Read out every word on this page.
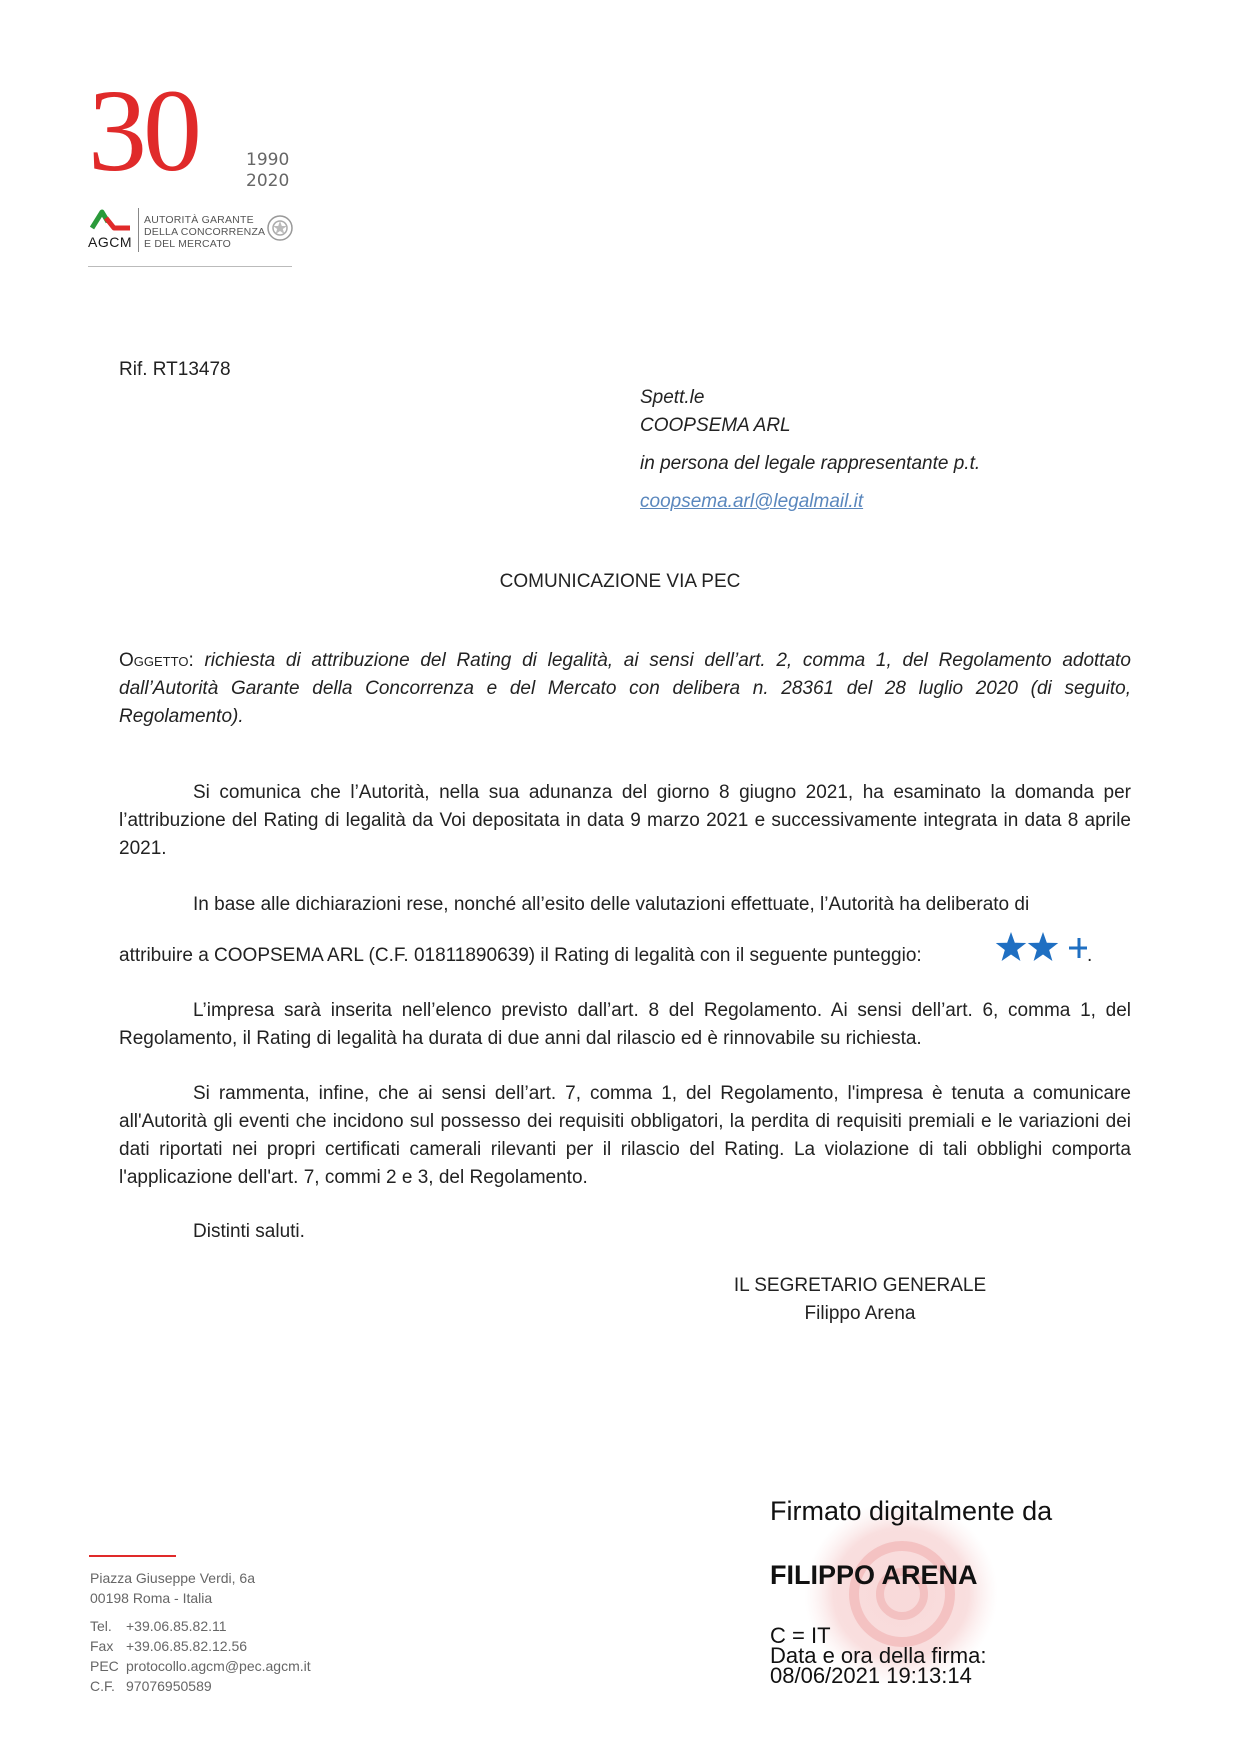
30	1990
2020
AGCM
AUTORITÀ GARANTE
DELLA CONCORRENZA
E DEL MERCATO
Rif. RT13478
Spett.le
COOPSEMA ARL
in persona del legale rappresentante p.t.
coopsema.arl@legalmail.it
COMUNICAZIONE VIA PEC
Oggetto: richiesta di attribuzione del Rating di legalità, ai sensi dell’art. 2, comma 1, del Regolamento adottato dall’Autorità Garante della Concorrenza e del Mercato con delibera n. 28361 del 28 luglio 2020 (di seguito, Regolamento).
Si comunica che l’Autorità, nella sua adunanza del giorno 8 giugno 2021, ha esaminato la domanda per l’attribuzione del Rating di legalità da Voi depositata in data 9 marzo 2021 e successivamente integrata in data 8 aprile 2021.
In base alle dichiarazioni rese, nonché all’esito delle valutazioni effettuate, l’Autorità ha deliberato di
attribuire a COOPSEMA ARL (C.F. 01811890639) il Rating di legalità con il seguente punteggio:	.
L’impresa sarà inserita nell’elenco previsto dall’art. 8 del Regolamento. Ai sensi dell’art. 6, comma 1, del Regolamento, il Rating di legalità ha durata di due anni dal rilascio ed è rinnovabile su richiesta.
Si rammenta, infine, che ai sensi dell’art. 7, comma 1, del Regolamento, l'impresa è tenuta a comunicare all'Autorità gli eventi che incidono sul possesso dei requisiti obbligatori, la perdita di requisiti premiali e le variazioni dei dati riportati nei propri certificati camerali rilevanti per il rilascio del Rating. La violazione di tali obblighi comporta l'applicazione dell'art. 7, commi 2 e 3, del Regolamento.
Distinti saluti.
IL SEGRETARIO GENERALE
Filippo Arena
Piazza Giuseppe Verdi, 6a
00198 Roma - Italia
Tel. +39.06.85.82.11
Fax +39.06.85.82.12.56
PEC protocollo.agcm@pec.agcm.it
C.F. 97076950589
Firmato digitalmente da
FILIPPO ARENA
C = IT
Data e ora della firma:
08/06/2021 19:13:14
